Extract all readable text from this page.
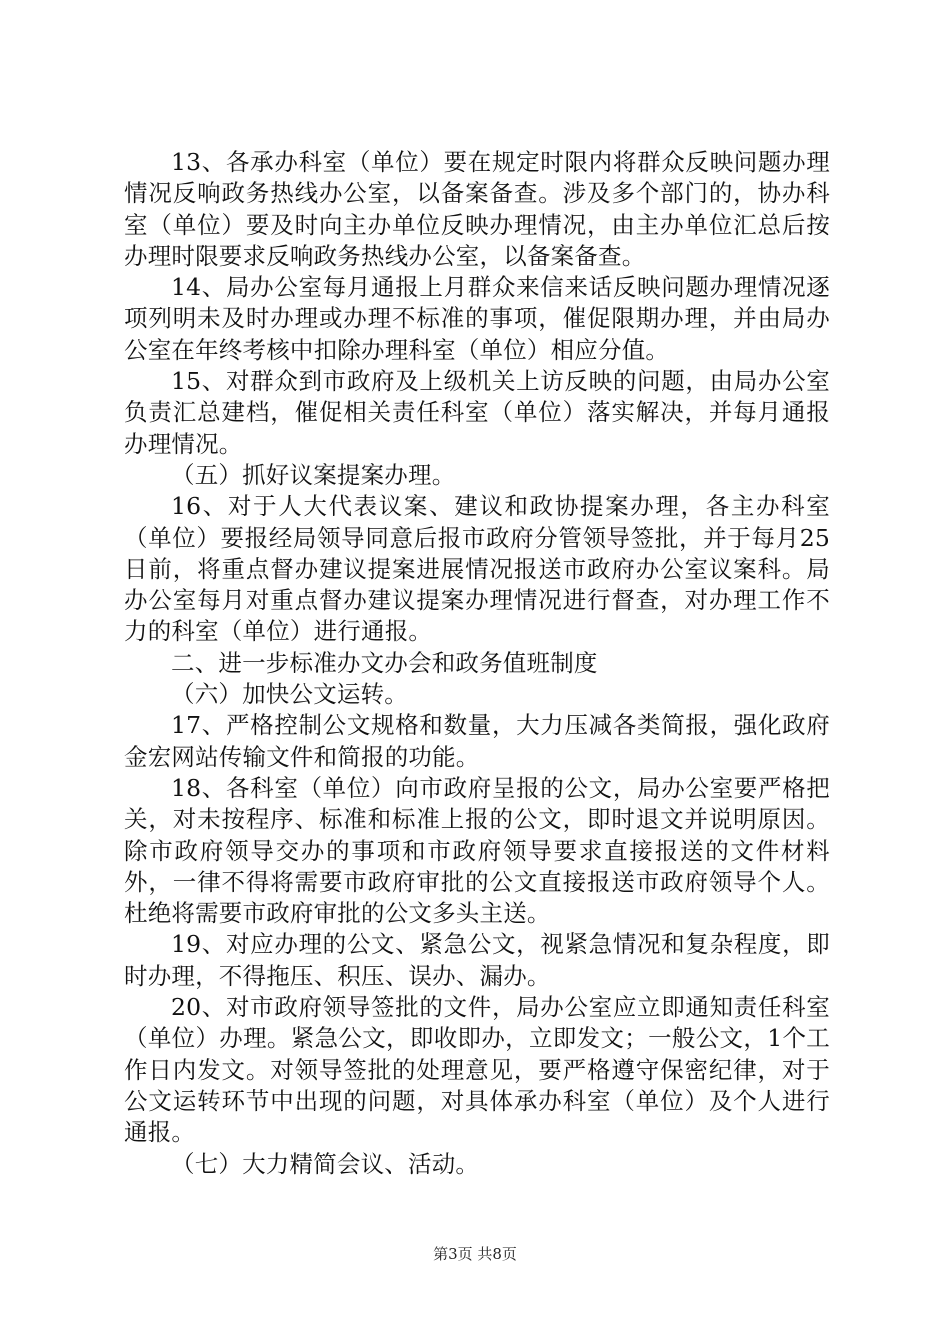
13、各承办科室（单位）要在规定时限内将群众反映问题办理情况反响政务热线办公室，以备案备查。涉及多个部门的，协办科室（单位）要及时向主办单位反映办理情况，由主办单位汇总后按办理时限要求反响政务热线办公室，以备案备查。

14、局办公室每月通报上月群众来信来话反映问题办理情况逐项列明未及时办理或办理不标准的事项，催促限期办理，并由局办公室在年终考核中扣除办理科室（单位）相应分值。

15、对群众到市政府及上级机关上访反映的问题，由局办公室负责汇总建档，催促相关责任科室（单位）落实解决，并每月通报办理情况。

（五）抓好议案提案办理。

16、对于人大代表议案、建议和政协提案办理，各主办科室（单位）要报经局领导同意后报市政府分管领导签批，并于每月25日前，将重点督办建议提案进展情况报送市政府办公室议案科。局办公室每月对重点督办建议提案办理情况进行督查，对办理工作不力的科室（单位）进行通报。

二、进一步标准办文办会和政务值班制度

（六）加快公文运转。

17、严格控制公文规格和数量，大力压减各类简报，强化政府金宏网站传输文件和简报的功能。

18、各科室（单位）向市政府呈报的公文，局办公室要严格把关，对未按程序、标准和标准上报的公文，即时退文并说明原因。除市政府领导交办的事项和市政府领导要求直接报送的文件材料外，一律不得将需要市政府审批的公文直接报送市政府领导个人。杜绝将需要市政府审批的公文多头主送。

19、对应办理的公文、紧急公文，视紧急情况和复杂程度，即时办理，不得拖压、积压、误办、漏办。

20、对市政府领导签批的文件，局办公室应立即通知责任科室（单位）办理。紧急公文，即收即办，立即发文；一般公文，1个工作日内发文。对领导签批的处理意见，要严格遵守保密纪律，对于公文运转环节中出现的问题，对具体承办科室（单位）及个人进行通报。

（七）大力精简会议、活动。

第3页 共8页
